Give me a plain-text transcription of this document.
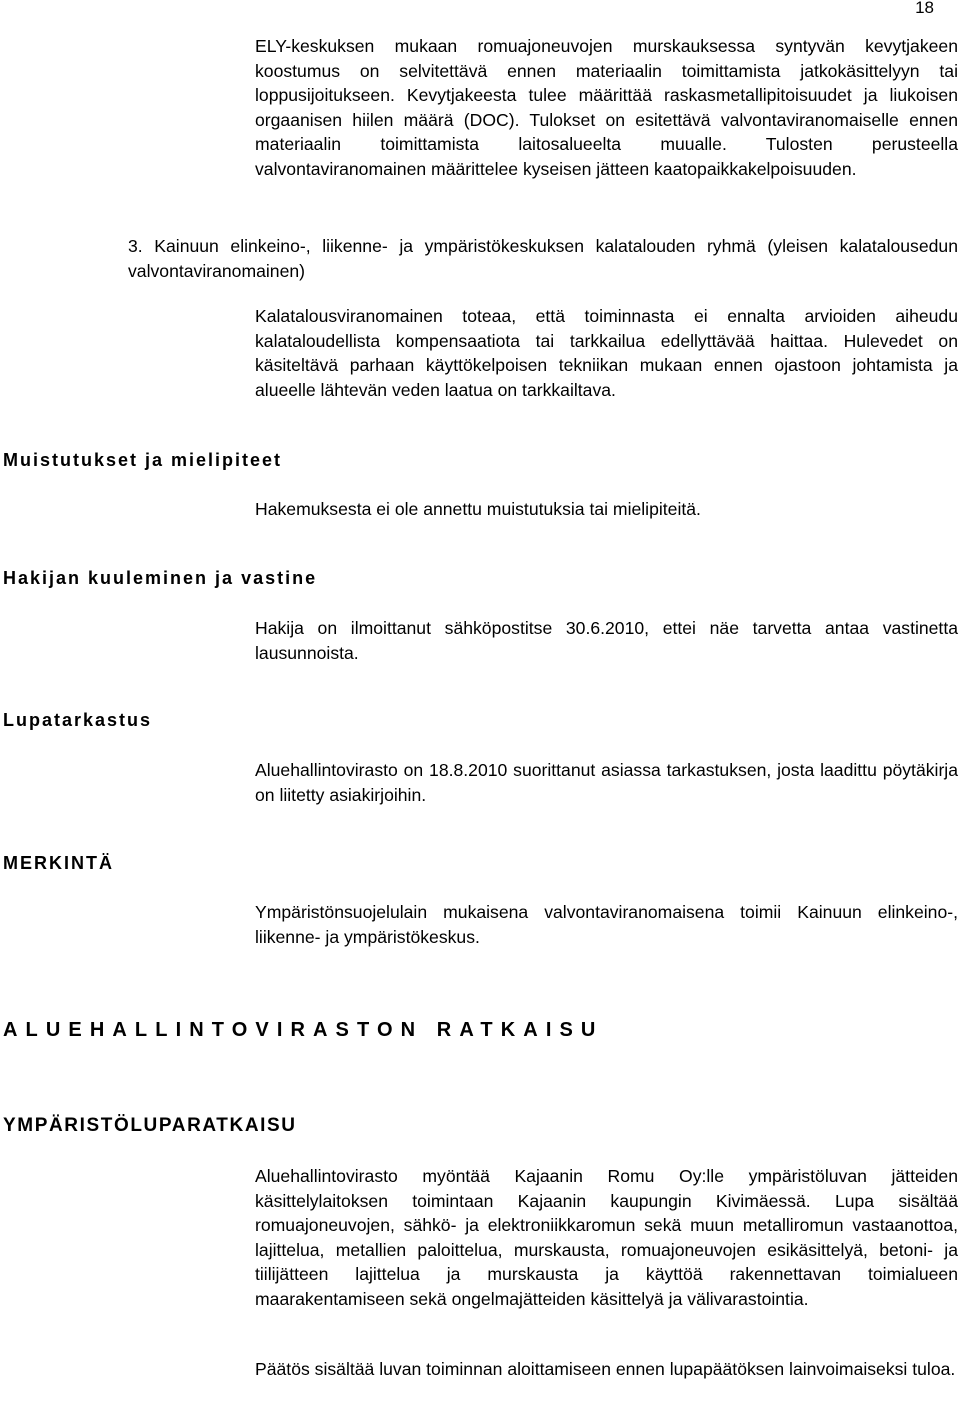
18

ELY-keskuksen mukaan romuajoneuvojen murskauksessa syntyvän kevytjakeen koostumus on selvitettävä ennen materiaalin toimittamista jatkokäsittelyyn tai loppusijoitukseen. Kevytjakeesta tulee määrittää raskasmetallipitoisuudet ja liukoisen orgaanisen hiilen määrä (DOC). Tulokset on esitettävä valvontaviranomaiselle ennen materiaalin toimittamista laitosalueelta muualle. Tulosten perusteella valvontaviranomainen määrittelee kyseisen jätteen kaatopaikkakelpoisuuden.

3. Kainuun elinkeino-, liikenne- ja ympäristökeskuksen kalatalouden ryhmä (yleisen kalatalousedun valvontaviranomainen)

Kalatalousviranomainen toteaa, että toiminnasta ei ennalta arvioiden aiheudu kalataloudellista kompensaatiota tai tarkkailua edellyttävää haittaa. Hulevedet on käsiteltävä parhaan käyttökelpoisen tekniikan mukaan ennen ojastoon johtamista ja alueelle lähtevän veden laatua on tarkkailtava.

Muistutukset ja mielipiteet

Hakemuksesta ei ole annettu muistutuksia tai mielipiteitä.

Hakijan kuuleminen ja vastine

Hakija on ilmoittanut sähköpostitse 30.6.2010, ettei näe tarvetta antaa vastinetta lausunnoista.

Lupatarkastus

Aluehallintovirasto on 18.8.2010 suorittanut asiassa tarkastuksen, josta laadittu pöytäkirja on liitetty asiakirjoihin.

MERKINTÄ

Ympäristönsuojelulain mukaisena valvontaviranomaisena toimii Kainuun elinkeino-, liikenne- ja ympäristökeskus.

ALUEHALLINTOVIRASTON RATKAISU
YMPÄRISTÖLUPARATKAISU

Aluehallintovirasto myöntää Kajaanin Romu Oy:lle ympäristöluvan jätteiden käsittelylaitoksen toimintaan Kajaanin kaupungin Kivimäessä. Lupa sisältää romuajoneuvojen, sähkö- ja elektroniikkaromun sekä muun metalliromun vastaanottoa, lajittelua, metallien paloittelua, murskausta, romuajoneuvojen esikäsittelyä, betoni- ja tiilijätteen lajittelua ja murskausta ja käyttöä rakennettavan toimialueen maarakentamiseen sekä ongelmajätteiden käsittelyä ja välivarastointia.

Päätös sisältää luvan toiminnan aloittamiseen ennen lupapäätöksen lainvoimaiseksi tuloa.
